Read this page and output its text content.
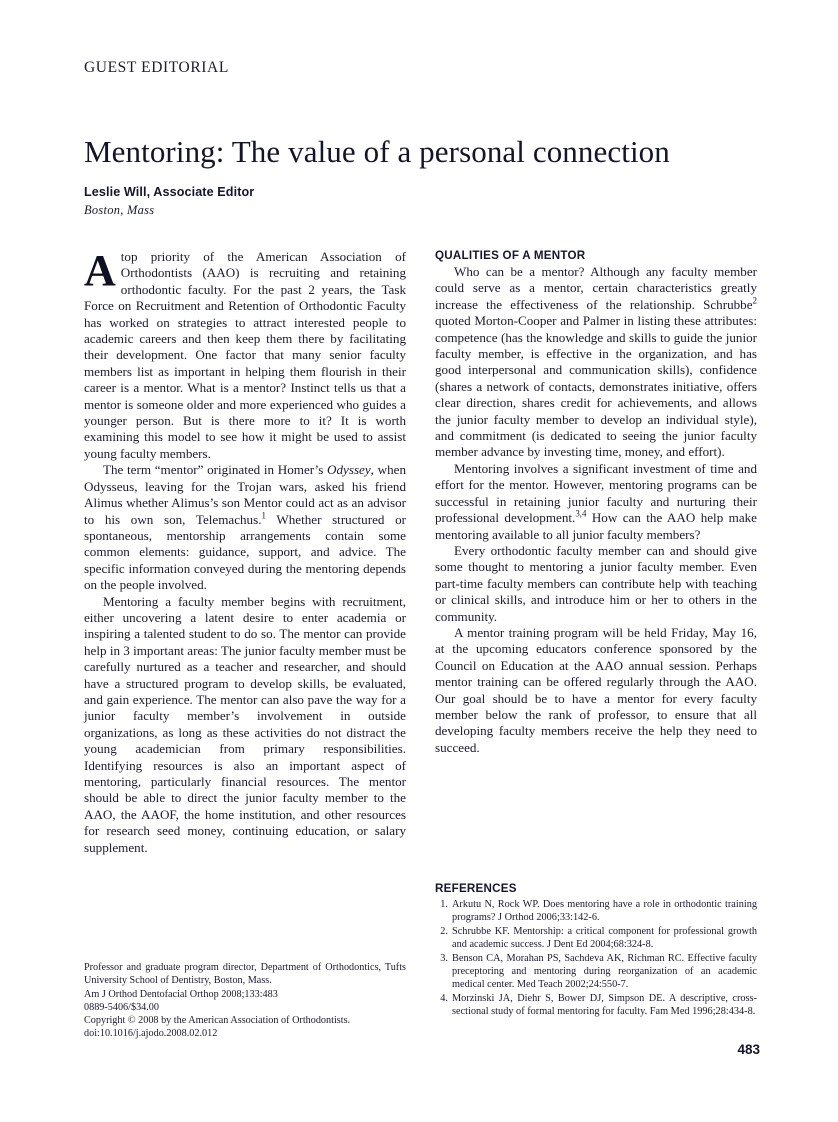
GUEST EDITORIAL
Mentoring: The value of a personal connection
Leslie Will, Associate Editor
Boston, Mass

Atop priority of the American Association of Orthodontists (AAO) is recruiting and retaining orthodontic faculty. For the past 2 years, the Task Force on Recruitment and Retention of Orthodontic Faculty has worked on strategies to attract interested people to academic careers and then keep them there by facilitating their development. One factor that many senior faculty members list as important in helping them flourish in their career is a mentor. What is a mentor? Instinct tells us that a mentor is someone older and more experienced who guides a younger person. But is there more to it? It is worth examining this model to see how it might be used to assist young faculty members.

The term “mentor” originated in Homer’s Odyssey, when Odysseus, leaving for the Trojan wars, asked his friend Alimus whether Alimus’s son Mentor could act as an advisor to his own son, Telemachus.$^1$ Whether structured or spontaneous, mentorship arrangements contain some common elements: guidance, support, and advice. The specific information conveyed during the mentoring depends on the people involved.

Mentoring a faculty member begins with recruitment, either uncovering a latent desire to enter academia or inspiring a talented student to do so. The mentor can provide help in 3 important areas: The junior faculty member must be carefully nurtured as a teacher and researcher, and should have a structured program to develop skills, be evaluated, and gain experience. The mentor can also pave the way for a junior faculty member’s involvement in outside organizations, as long as these activities do not distract the young academician from primary responsibilities. Identifying resources is also an important aspect of mentoring, particularly financial resources. The mentor should be able to direct the junior faculty member to the AAO, the AAOF, the home institution, and other resources for research seed money, continuing education, or salary supplement.

QUALITIES OF A MENTOR

Who can be a mentor? Although any faculty member could serve as a mentor, certain characteristics greatly increase the effectiveness of the relationship. Schrubbe$^2$ quoted Morton-Cooper and Palmer in listing these attributes: competence (has the knowledge and skills to guide the junior faculty member, is effective in the organization, and has good interpersonal and communication skills), confidence (shares a network of contacts, demonstrates initiative, offers clear direction, shares credit for achievements, and allows the junior faculty member to develop an individual style), and commitment (is dedicated to seeing the junior faculty member advance by investing time, money, and effort).

Mentoring involves a significant investment of time and effort for the mentor. However, mentoring programs can be successful in retaining junior faculty and nurturing their professional development.$^{3,4}$ How can the AAO help make mentoring available to all junior faculty members?

Every orthodontic faculty member can and should give some thought to mentoring a junior faculty member. Even part-time faculty members can contribute help with teaching or clinical skills, and introduce him or her to others in the community.

A mentor training program will be held Friday, May 16, at the upcoming educators conference sponsored by the Council on Education at the AAO annual session. Perhaps mentor training can be offered regularly through the AAO. Our goal should be to have a mentor for every faculty member below the rank of professor, to ensure that all developing faculty members receive the help they need to succeed.

Professor and graduate program director, Department of Orthodontics, Tufts University School of Dentistry, Boston, Mass.

Am J Orthod Dentofacial Orthop 2008;133:483

0889-5406/$34.00

Copyright © 2008 by the American Association of Orthodontists.

doi:10.1016/j.ajodo.2008.02.012

REFERENCES
1. Arkutu N, Rock WP. Does mentoring have a role in orthodontic training programs? J Orthod 2006;33:142-6.
2. Schrubbe KF. Mentorship: a critical component for professional growth and academic success. J Dent Ed 2004;68:324-8.
3. Benson CA, Morahan PS, Sachdeva AK, Richman RC. Effective faculty preceptoring and mentoring during reorganization of an academic medical center. Med Teach 2002;24:550-7.
4. Morzinski JA, Diehr S, Bower DJ, Simpson DE. A descriptive, cross-sectional study of formal mentoring for faculty. Fam Med 1996;28:434-8.
483
